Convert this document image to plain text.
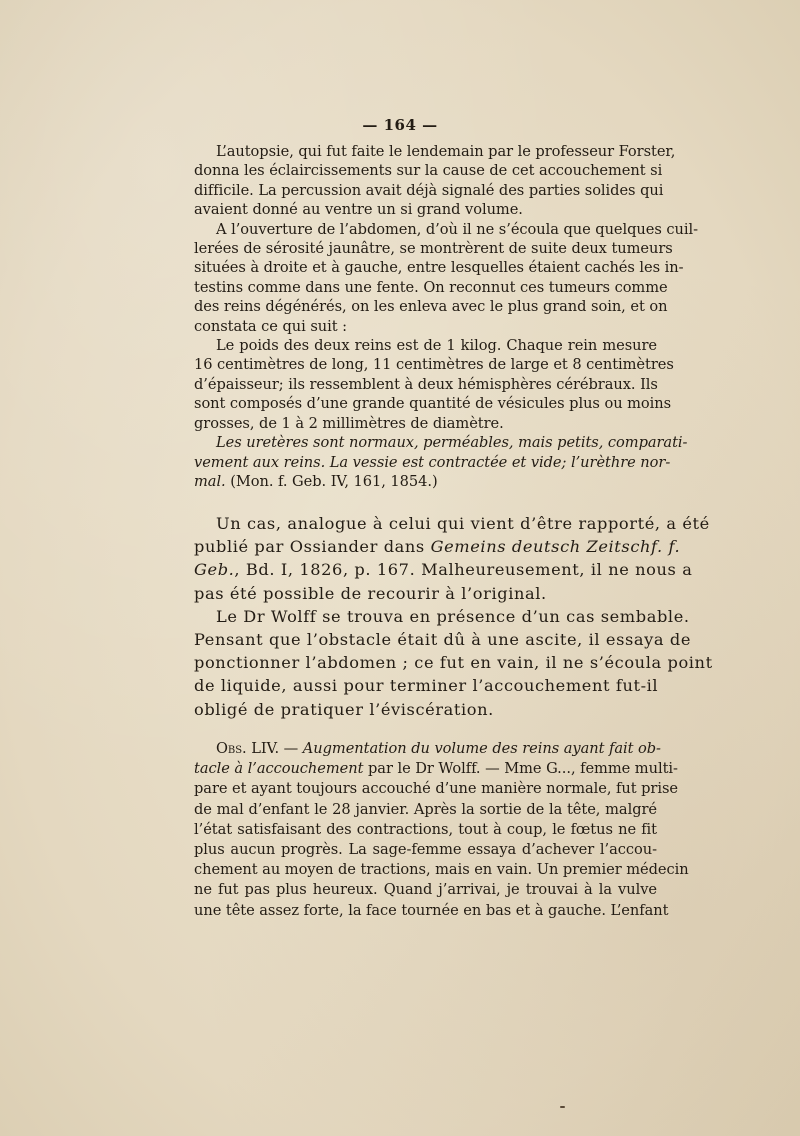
— 164 —
L’autopsie, qui fut faite le lendemain par le professeur Forster,
donna les éclaircissements sur la cause de cet accouchement si
difficile. La percussion avait déjà signalé des parties solides qui
avaient donné au ventre un si grand volume.
A l’ouverture de l’abdomen, d’où il ne s’écoula que quelques cuil-
lerées de sérosité jaunâtre, se montrèrent de suite deux tumeurs
situées à droite et à gauche, entre lesquelles étaient cachés les in-
testins comme dans une fente. On reconnut ces tumeurs comme
des reins dégénérés, on les enleva avec le plus grand soin, et on
constata ce qui suit :
Le poids des deux reins est de 1 kilog. Chaque rein mesure
16 centimètres de long, 11 centimètres de large et 8 centimètres
d’épaisseur; ils ressemblent à deux hémisphères cérébraux. Ils
sont composés d’une grande quantité de vésicules plus ou moins
grosses, de 1 à 2 millimètres de diamètre.
Les uretères sont normaux, perméables, mais petits, comparati-
vement aux reins. La vessie est contractée et vide; l’urèthre nor-
mal. (Mon. f. Geb. IV, 161, 1854.)
Un cas, analogue à celui qui vient d’être rapporté, a été
publié par Ossiander dans Gemeins deutsch Zeitschf. f.
Geb., Bd. I, 1826, p. 167. Malheureusement, il ne nous a
pas été possible de recourir à l’original.
Le Dr Wolff se trouva en présence d’un cas sembable.
Pensant que l’obstacle était dû à une ascite, il essaya de
ponctionner l’abdomen ; ce fut en vain, il ne s’écoula point
de liquide, aussi pour terminer l’accouchement fut-il
obligé de pratiquer l’éviscération.
Obs. LIV. — Augmentation du volume des reins ayant fait ob-
tacle à l’accouchement par le Dr Wolff. — Mme G..., femme multi-
pare et ayant toujours accouché d’une manière normale, fut prise
de mal d’enfant le 28 janvier. Après la sortie de la tête, malgré
l’état satisfaisant des contractions, tout à coup, le fœtus ne fit
plus aucun progrès. La sage-femme essaya d’achever l’accou-
chement au moyen de tractions, mais en vain. Un premier médecin
ne fut pas plus heureux. Quand j’arrivai, je trouvai à la vulve
une tête assez forte, la face tournée en bas et à gauche. L’enfant
